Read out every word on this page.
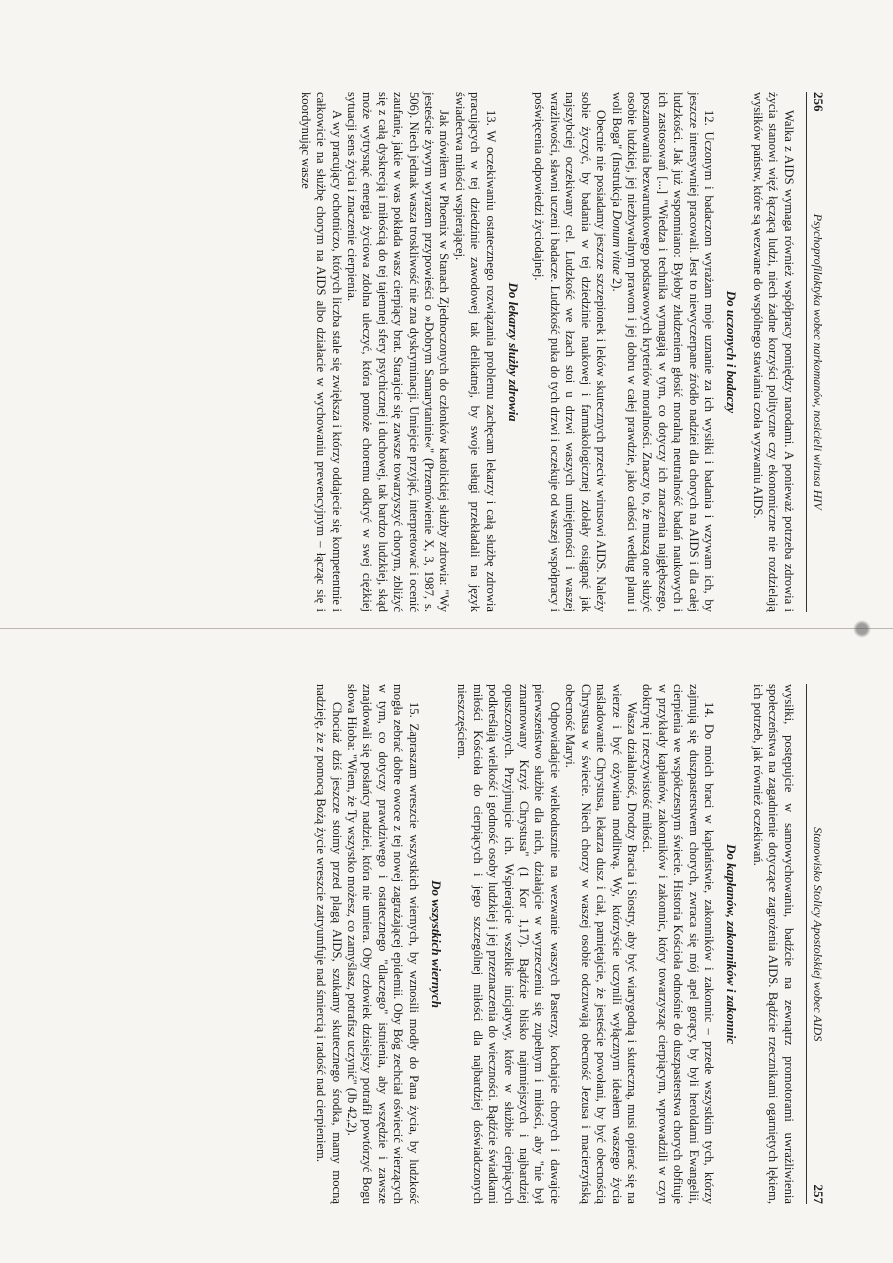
256
Psychoprofilaktyka wobec narkomanów, nosicieli wirusa HIV

Walka z AIDS wymaga również współpracy pomiędzy narodami. A ponieważ potrzeba zdrowia i życia stanowi więź łączącą ludzi, niech żadne korzyści polityczne czy ekonomiczne nie rozdzielają wysiłków państw, które są wezwane do wspólnego stawiania czoła wyzwaniu AIDS.

Do uczonych i badaczy

12. Uczonym i badaczom wyrażam moje uznanie za ich wysiłki i badania i wzywam ich, by jeszcze intensywniej pracowali. Jest to niewyczerpane źródło nadziei dla chorych na AIDS i dla całej ludzkości. Jak już wspomniano: Byłoby złudzeniem głosić moralną neutralność badań naukowych i ich zastosowań [...] "Wiedza i technika wymagają w tym, co dotyczy ich znaczenia najgłębszego, poszanowania bezwarunkowego podstawowych kryteriów moralności. Znaczy to, że muszą one służyć osobie ludzkiej, jej niezbywalnym prawom i jej dobru w całej prawdzie, jako całości według planu i woli Boga" (Instrukcja Donum vitae 2).

Obecnie nie posiadamy jeszcze szczepionek i leków skutecznych przeciw wirusowi AIDS. Należy sobie życzyć, by badania w tej dziedzinie naukowej i farmakologicznej zdołały osiągnąć jak najszybciej oczekiwany cel. Ludzkość we łzach stoi u drzwi waszych umiejętności i waszej wrażliwości, sławni uczeni i badacze. Ludzkość puka do tych drzwi i oczekuje od waszej współpracy i poświęcenia odpowiedzi życiodajnej.

Do lekarzy służby zdrowia

13. W oczekiwaniu ostatecznego rozwiązania problemu zachęcam lekarzy i całą służbę zdrowia pracujących w tej dziedzinie zawodowej tak delikatnej, by swoje usługi przekładali na język świadectwa miłości wspierającej.

Jak mówiłem w Phoenix w Stanach Zjednoczonych do członków katolickiej służby zdrowia: "Wy jesteście żywym wyrazem przypowieści o »Dobrym Samarytaninie«" (Przemówienie X, 3, 1987, s. 506). Niech jednak wasza troskliwość nie zna dyskryminacji. Umiejcie przyjąć, interpretować i ocenić zaufanie, jakie w was pokłada wasz cierpiący brat. Starajcie się zawsze towarzyszyć chorym, zbliżyć się z całą dyskrecją i miłością do tej tajemnej sfery psychicznej i duchowej, tak bardzo ludzkiej, skąd może wytrysnąć energia życiowa zdolna uleczyć, która pomoże choremu odkryć w swej ciężkiej sytuacji sens życia i znaczenie cierpienia.

A wy pracujący ochotniczo, których liczba stale się zwiększa i którzy oddajecie się kompetentnie i całkowicie na służbę chorym na AIDS albo działacie w wychowaniu prewencyjnym – łącząc się i koordynując wasze

Stanowisko Stolicy Apostolskiej wobec AIDS
257

wysiłki, postępujcie w samowychowaniu, badźcie na zewnątrz promotorami uwrażliwienia społeczeństwa na zagadnienie dotyczące zagrożenia AIDS. Bądźcie rzecznikami ogarniętych lękiem, ich potrzeb, jak również oczekiwań.

Do kapłanów, zakonników i zakonnic

14. Do moich braci w kapłaństwie, zakonników i zakonnic – przede wszystkim tych, którzy zajmują się duszpasterstwem chorych, zwraca się mój apel gorący, by byli heroldami Ewangelii, cierpienia we współczesnym świecie. Historia Kościoła odnośnie do duszpasterstwa chorych obfituje w przykłady kapłanów, zakonników i zakonnic, który towarzysząc cierpiącym, wprowadzili w czyn doktrynę i rzeczywistość miłości.

Wasza działalność, Drodzy Bracia i Siostry, aby być wiarygodną i skuteczną, musi opierać się na wierze i być ożywiana modlitwą. Wy, którzyście uczynili wyłącznym ideałem waszego życia naśladowanie Chrystusa, lekarza dusz i ciał, pamiętajcie, że jesteście powołani, by być obecnością Chrystusa w świecie. Niech chorzy w waszej osobie odczuwają obecność Jezusa i macierzyńską obecność Maryi.

Odpowiadajcie wielkodusznie na wezwanie waszych Pasterzy, kochajcie chorych i dawajcie pierwszeństwo służbie dla nich, działajcie w wyrzeczeniu się zupełnym i miłości, aby "nie był zmarnowany Krzyż Chrystusa" (1 Kor 1,17). Bądźcie blisko najmniejszych i najbardziej opuszczonych. Przyjmujcie ich. Wspierajcie wszelkie inicjatywy, które w służbie cierpiących podkreślają wielkość i godność osoby ludzkiej i jej przeznaczenia do wieczności. Bądźcie świadkami miłości Kościoła do cierpiących i jego szczególnej miłości dla najbardziej doświadczonych nieszczęściem.

Do wszystkich wiernych

15. Zapraszam wreszcie wszystkich wiernych, by wznosili modły do Pana życia, by ludzkość mogła zebrać dobre owoce z tej nowej zagrażającej epidemii. Oby Bóg zechciał oświecić wierzących w tym, co dotyczy prawdziwego i ostatecznego "dlaczego" istnienia, aby wszędzie i zawsze znajdowali się posłańcy nadziei, która nie umiera. Oby człowiek dzisiejszy potrafił powtórzyć Bogu słowa Hioba: "Wiem, że Ty wszystko możesz, co zamyślasz, potrafisz uczynić" (Jb 42,2).

Chociaż dziś jeszcze stoimy przed plagą AIDS, szukamy skutecznego środka, mamy mocną nadzieję, że z pomocą Bożą życie wreszcie zatryumfuje nad śmiercią i radość nad cierpieniem.
